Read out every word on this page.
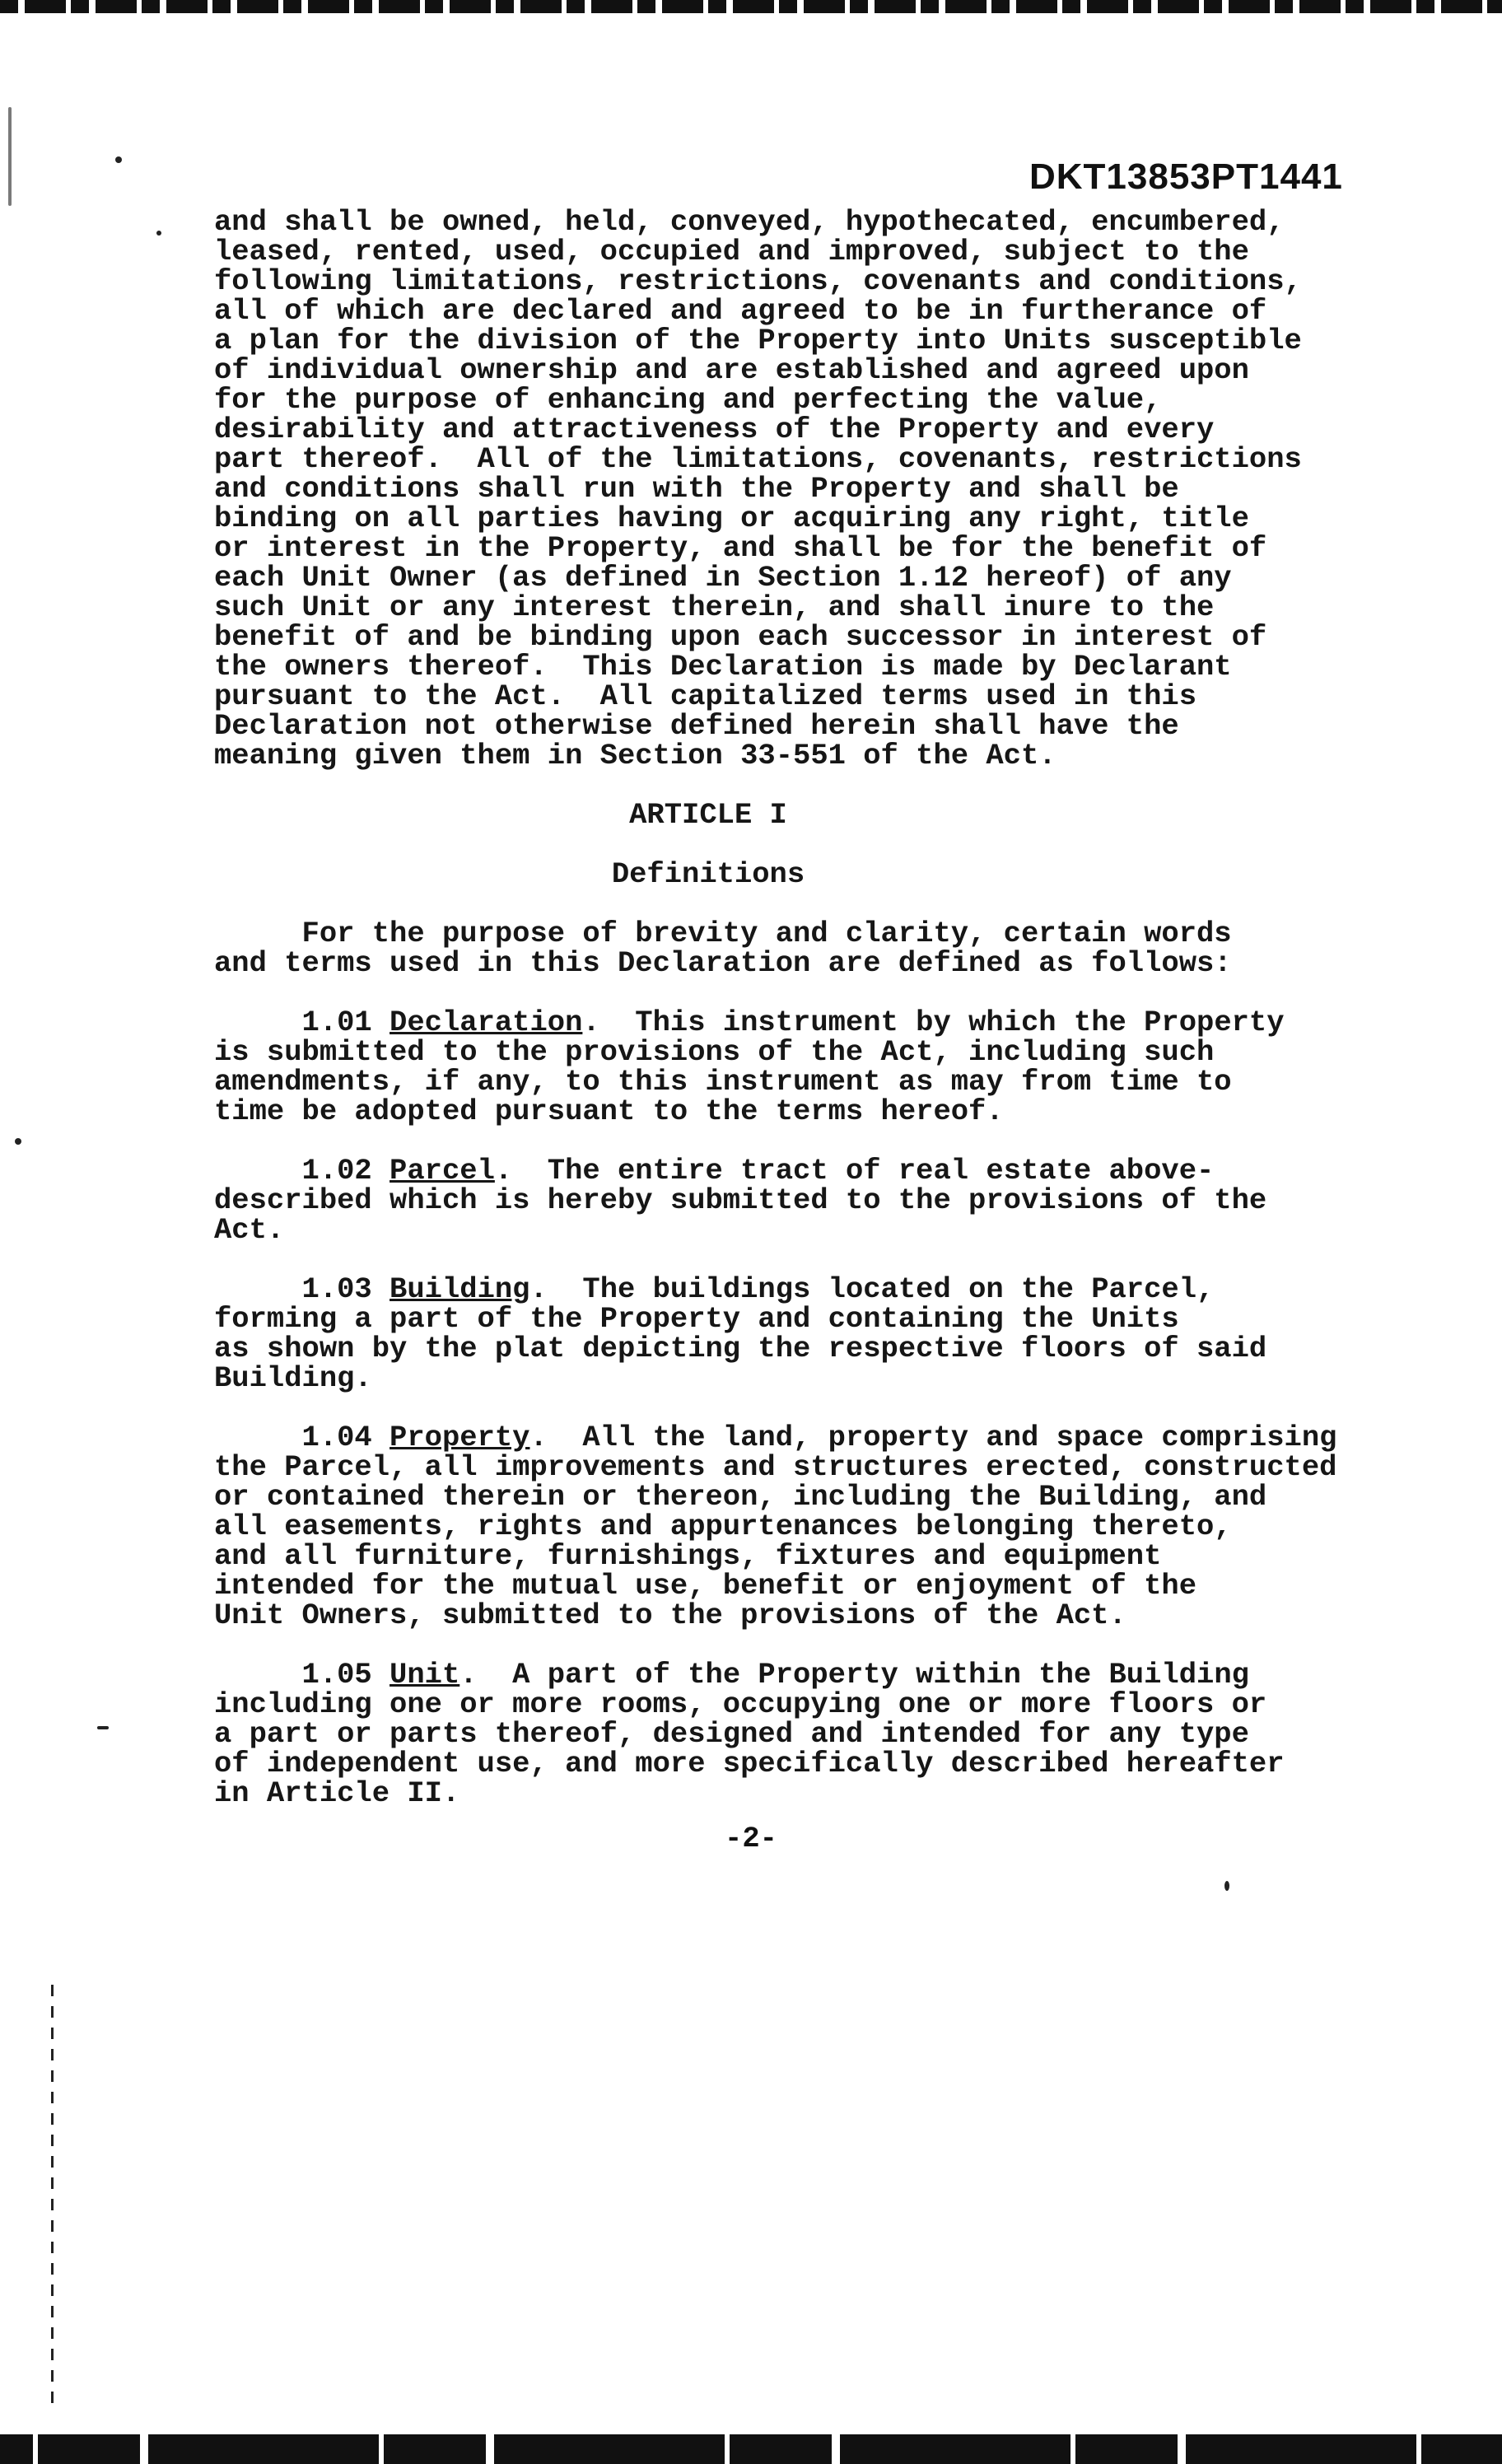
DKT13853PT1441
and shall be owned, held, conveyed, hypothecated, encumbered,
leased, rented, used, occupied and improved, subject to the
following limitations, restrictions, covenants and conditions,
all of which are declared and agreed to be in furtherance of
a plan for the division of the Property into Units susceptible
of individual ownership and are established and agreed upon
for the purpose of enhancing and perfecting the value,
desirability and attractiveness of the Property and every
part thereof.  All of the limitations, covenants, restrictions
and conditions shall run with the Property and shall be
binding on all parties having or acquiring any right, title
or interest in the Property, and shall be for the benefit of
each Unit Owner (as defined in Section 1.12 hereof) of any
such Unit or any interest therein, and shall inure to the
benefit of and be binding upon each successor in interest of
the owners thereof.  This Declaration is made by Declarant
pursuant to the Act.  All capitalized terms used in this
Declaration not otherwise defined herein shall have the
meaning given them in Section 33-551 of the Act.
ARTICLE I
Definitions
For the purpose of brevity and clarity, certain words
and terms used in this Declaration are defined as follows:
1.01 Declaration.  This instrument by which the Property
is submitted to the provisions of the Act, including such
amendments, if any, to this instrument as may from time to
time be adopted pursuant to the terms hereof.
1.02 Parcel.  The entire tract of real estate above-
described which is hereby submitted to the provisions of the
Act.
1.03 Building.  The buildings located on the Parcel,
forming a part of the Property and containing the Units
as shown by the plat depicting the respective floors of said
Building.
1.04 Property.  All the land, property and space comprising
the Parcel, all improvements and structures erected, constructed
or contained therein or thereon, including the Building, and
all easements, rights and appurtenances belonging thereto,
and all furniture, furnishings, fixtures and equipment
intended for the mutual use, benefit or enjoyment of the
Unit Owners, submitted to the provisions of the Act.
1.05 Unit.  A part of the Property within the Building
including one or more rooms, occupying one or more floors or
a part or parts thereof, designed and intended for any type
of independent use, and more specifically described hereafter
in Article II.
-2-
